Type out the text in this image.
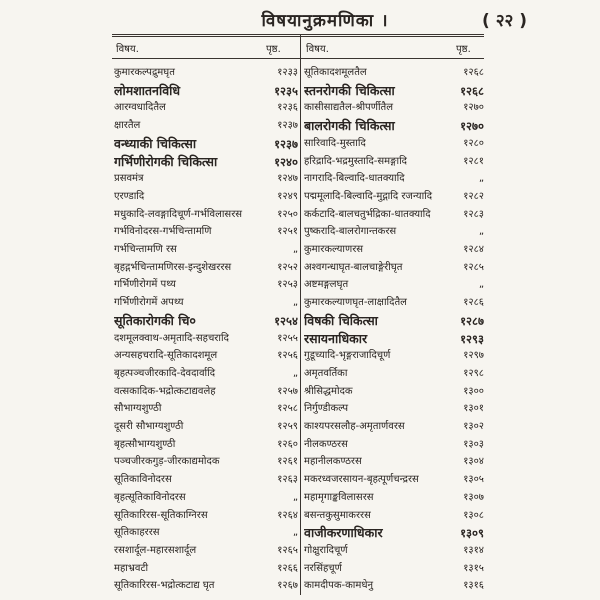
विषयानुक्रमणिका ।	( २२ )
विषय.	पृष्ठ.	विषय.	पृष्ठ.
कुमारकल्पद्रुमघृत	१२३३
लोमशातनविधि	१२३५
आरग्वधादितैल	१२३६
क्षारतैल	१२३७
वन्ध्याकी चिकित्सा	१२३७
गर्भिणीरोगकी चिकित्सा	१२४०
प्रसवमंत्र	१२४७
एरण्डादि	१२४९
मधुकादि-लवङ्गादिचूर्ण-गर्भविलासरस	१२५०
गर्भविनोदरस-गर्भचिन्तामणि	१२५१
गर्भचिन्तामणि रस	„
बृहद्गर्भचिन्तामणिरस-इन्दुशेखररस	१२५२
गर्भिणीरोगमें पथ्य	१२५३
गर्भिणीरोगमें अपथ्य	„
सूतिकारोगकी चि०	१२५४
दशमूलक्वाथ-अमृतादि-सहचरादि	१२५५
अन्यसहचरादि-सूतिकादशमूल	१२५६
बृहत्पञ्चजीरकादि-देवदार्वादि	„
वत्सकादिक-भद्रोत्कटाद्यवलेह	१२५७
सौभाग्यशुण्ठी	१२५८
दूसरी सौभाग्यशुण्ठी	१२५९
बृहत्सौभाग्यशुण्ठी	१२६०
पञ्चजीरकगुड़-जीरकाद्यमोदक	१२६१
सूतिकाविनोदरस	१२६३
बृहत्सूतिकाविनोदरस	„
सूतिकारिरस-सूतिकाग्निरस	१२६४
सूतिकाहररस	„
रसशार्दूल-महारसशार्दूल	१२६५
महाभ्रवटी	१२६६
सूतिकारिरस-भद्रोत्कटाद्य घृत	१२६७
सूतिकादशमूलतैल	१२६८
स्तनरोगकी चिकित्सा	१२६८
कासीसाद्यतैल-श्रीपर्णीतैल	१२७०
बालरोगकी चिकित्सा	१२७०
सारिवादि-मुस्तादि	१२८०
हरिद्रादि-भद्रमुस्तादि-समङ्गादि	१२८१
नागरादि-बिल्वादि-धातक्यादि	„
पद्ममूलादि-बिल्वादि-मुद्गादि रजन्यादि	१२८२
कर्कटादि-बालचतुर्भद्रिका-धातक्यादि	१२८३
पुष्करादि-बालरोगान्तकरस	„
कुमारकल्याणरस	१२८४
अश्वगन्धाघृत-बालचाङ्गेरीघृत	१२८५
अष्टमङ्गलघृत	„
कुमारकल्याणघृत-लाक्षादितैल	१२८६
विषकी चिकित्सा	१२८७
रसायनाधिकार	१२९३
गुडूच्यादि-भृङ्गराजादिचूर्ण	१२९७
अमृतवर्तिका	१२९८
श्रीसिद्धमोदक	१३००
निर्गुण्डीकल्प	१३०१
काश्यपरसलौह-अमृतार्णवरस	१३०२
नीलकण्ठरस	१३०३
महानीलकण्ठरस	१३०४
मकरध्वजरसायन-बृहत्पूर्णचन्द्ररस	१३०५
महामृगाङ्कविलासरस	१३०७
बसन्तकुसुमाकररस	१३०८
वाजीकरणाधिकार	१३०९
गोक्षुरादिचूर्ण	१३१४
नरसिंहचूर्ण	१३१५
कामदीपक-कामधेनु	१३१६
